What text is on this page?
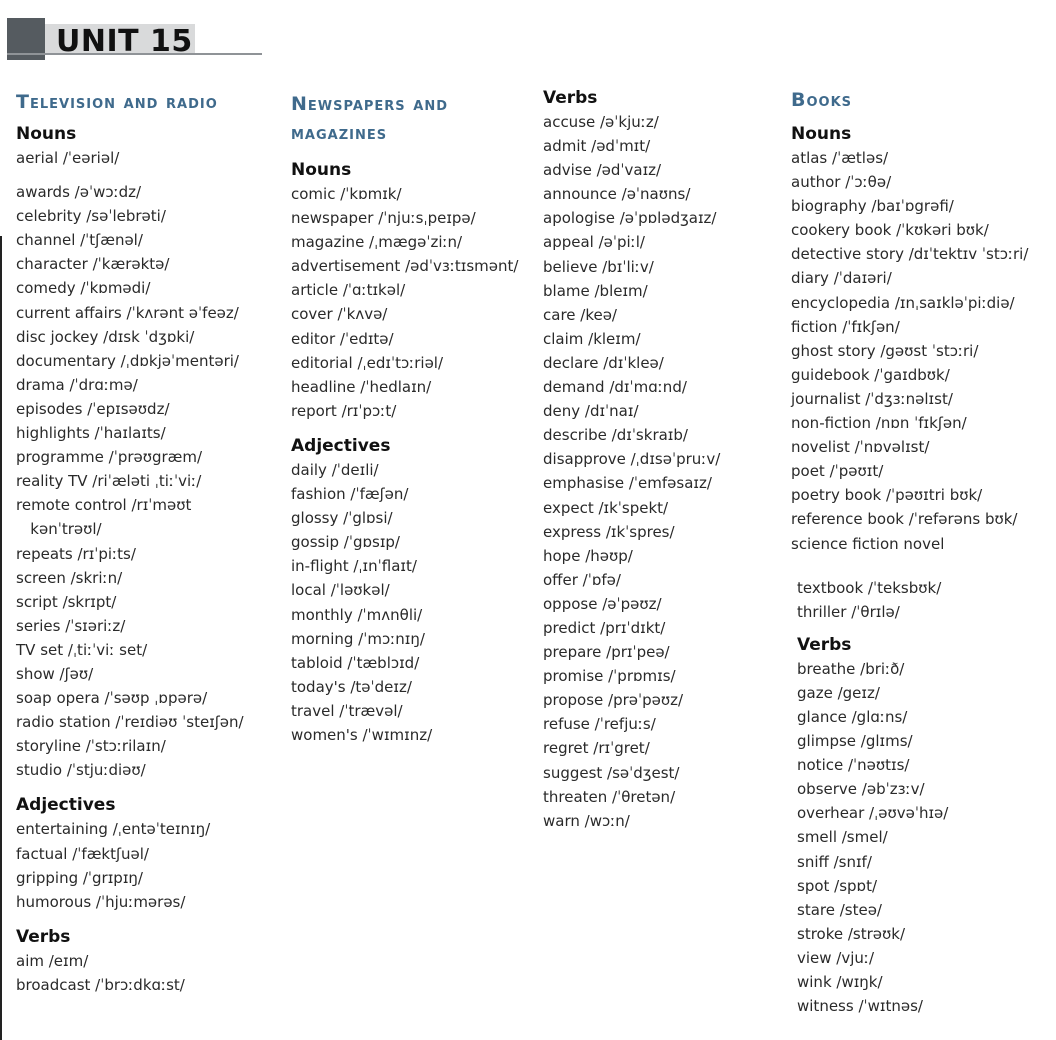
UNIT 15
Television and radio
Nouns
aerial /ˈeəriəl/
awards /əˈwɔːdz/
celebrity /səˈlebrəti/
channel /ˈtʃænəl/
character /ˈkærəktə/
comedy /ˈkɒmədi/
current affairs /ˈkʌrənt əˈfeəz/
disc jockey /dɪsk ˈdʒɒki/
documentary /ˌdɒkjəˈmentəri/
drama /ˈdrɑːmə/
episodes /ˈepɪsəʊdz/
highlights /ˈhaɪlaɪts/
programme /ˈprəʊgræm/
reality TV /riˈæləti ˌtiːˈviː/
remote control /rɪˈməʊt
kənˈtrəʊl/
repeats /rɪˈpiːts/
screen /skriːn/
script /skrɪpt/
series /ˈsɪəriːz/
TV set /ˌtiːˈviː set/
show /ʃəʊ/
soap opera /ˈsəʊp ˌɒpərə/
radio station /ˈreɪdiəʊ ˈsteɪʃən/
storyline /ˈstɔːrilaɪn/
studio /ˈstjuːdiəʊ/
Adjectives
entertaining /ˌentəˈteɪnɪŋ/
factual /ˈfæktʃuəl/
gripping /ˈgrɪpɪŋ/
humorous /ˈhjuːmərəs/
Verbs
aim /eɪm/
broadcast /ˈbrɔːdkɑːst/
Newspapers and
magazines
Nouns
comic /ˈkɒmɪk/
newspaper /ˈnjuːsˌpeɪpə/
magazine /ˌmægəˈziːn/
advertisement /ədˈvɜːtɪsmənt/
article /ˈɑːtɪkəl/
cover /ˈkʌvə/
editor /ˈedɪtə/
editorial /ˌedɪˈtɔːriəl/
headline /ˈhedlaɪn/
report /rɪˈpɔːt/
Adjectives
daily /ˈdeɪli/
fashion /ˈfæʃən/
glossy /ˈglɒsi/
gossip /ˈgɒsɪp/
in-flight /ˌɪnˈflaɪt/
local /ˈləʊkəl/
monthly /ˈmʌnθli/
morning /ˈmɔːnɪŋ/
tabloid /ˈtæblɔɪd/
today's /təˈdeɪz/
travel /ˈtrævəl/
women's /ˈwɪmɪnz/
Verbs
accuse /əˈkjuːz/
admit /ədˈmɪt/
advise /ədˈvaɪz/
announce /əˈnaʊns/
apologise /əˈpɒlədʒaɪz/
appeal /əˈpiːl/
believe /bɪˈliːv/
blame /bleɪm/
care /keə/
claim /kleɪm/
declare /dɪˈkleə/
demand /dɪˈmɑːnd/
deny /dɪˈnaɪ/
describe /dɪˈskraɪb/
disapprove /ˌdɪsəˈpruːv/
emphasise /ˈemfəsaɪz/
expect /ɪkˈspekt/
express /ɪkˈspres/
hope /həʊp/
offer /ˈɒfə/
oppose /əˈpəʊz/
predict /prɪˈdɪkt/
prepare /prɪˈpeə/
promise /ˈprɒmɪs/
propose /prəˈpəʊz/
refuse /ˈrefjuːs/
regret /rɪˈgret/
suggest /səˈdʒest/
threaten /ˈθretən/
warn /wɔːn/
Books
Nouns
atlas /ˈætləs/
author /ˈɔːθə/
biography /baɪˈɒgrəfi/
cookery book /ˈkʊkəri bʊk/
detective story /dɪˈtektɪv ˈstɔːri/
diary /ˈdaɪəri/
encyclopedia /ɪnˌsaɪkləˈpiːdiə/
fiction /ˈfɪkʃən/
ghost story /gəʊst ˈstɔːri/
guidebook /ˈgaɪdbʊk/
journalist /ˈdʒɜːnəlɪst/
non-fiction /nɒn ˈfɪkʃən/
novelist /ˈnɒvəlɪst/
poet /ˈpəʊɪt/
poetry book /ˈpəʊɪtri bʊk/
reference book /ˈrefərəns bʊk/
science fiction novel
textbook /ˈteksbʊk/
thriller /ˈθrɪlə/
Verbs
breathe /briːð/
gaze /geɪz/
glance /glɑːns/
glimpse /glɪms/
notice /ˈnəʊtɪs/
observe /əbˈzɜːv/
overhear /ˌəʊvəˈhɪə/
smell /smel/
sniff /snɪf/
spot /spɒt/
stare /steə/
stroke /strəʊk/
view /vjuː/
wink /wɪŋk/
witness /ˈwɪtnəs/
